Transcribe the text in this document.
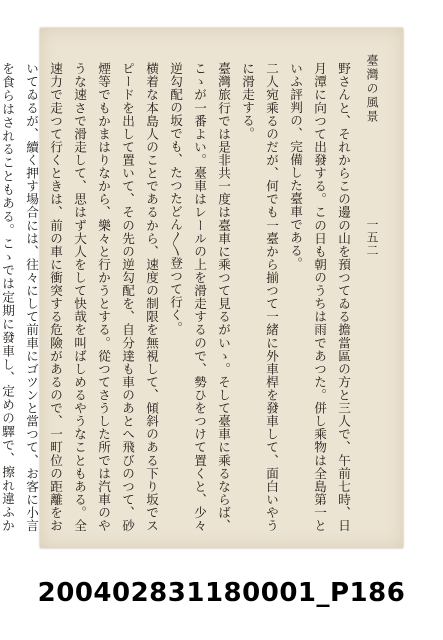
臺灣の風景
一五二

野さんと、それからこの邊の山を預つてゐる擔當區の方と三人で、午前七時、日月潭に向つて出發する。この日も朝のうちは雨であつた。併し乘物は全島第一といふ評判の、完備した臺車である。

二人宛乘るのだが、何でも一臺から揃つて一緒に外車桿を發車して、面白いやうに滑走する。

臺灣旅行では是非共一度は臺車に乘つて見るがいゝ。そして臺車に乘るならば、こゝが一番よい。臺車はレールの上を滑走するので、勢ひをつけて置くと、少々逆勾配の坂でも、たつたどん〳〵登つて行く。

横着な本島人のことであるから、速度の制限を無視して、傾斜のある下り坂でスピードを出して置いて、その先の逆勾配を、自分達も車のあとへ飛びのつて、砂煙等でもかまはりなから、樂々と行かうとする。從つてさうした所では汽車のやうな速さで滑走して、思はず大人をして快哉を叫ばしめるやうなこともある。全速力で走つて行くときは、前の車に衝突する危險があるので、一町位の距離をおいてゐるが、續く押す場合には、往々にして前車にゴツンと當つて、お客に小言を食らはされることもある。こゝでは定期に發車し、定めの驛で、擦れ違ふか

200402831180001_P186
